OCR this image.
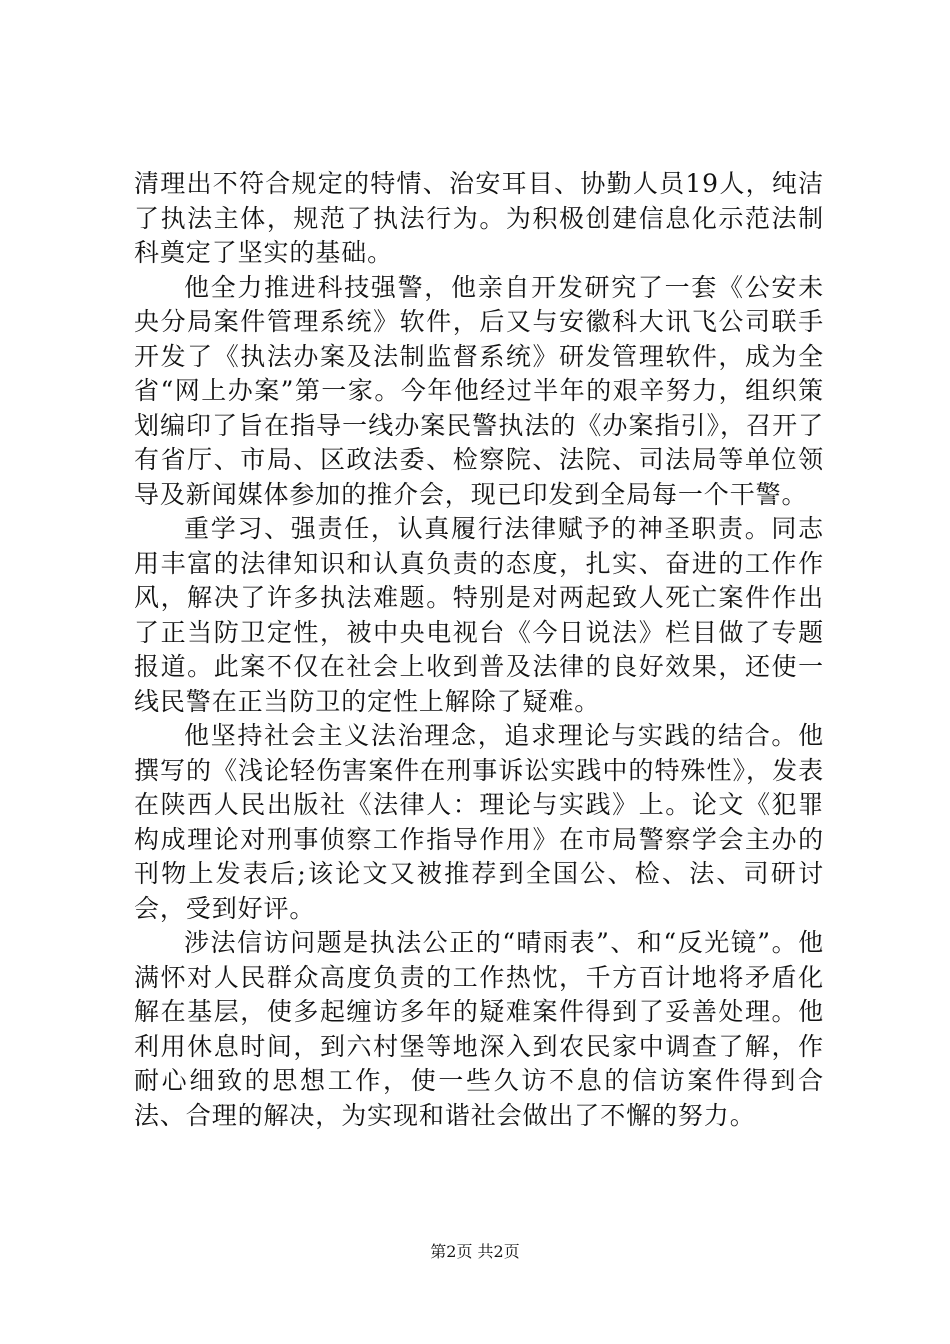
清理出不符合规定的特情、治安耳目、协勤人员19人，纯洁了执法主体，规范了执法行为。为积极创建信息化示范法制科奠定了坚实的基础。

他全力推进科技强警，他亲自开发研究了一套《公安未央分局案件管理系统》软件，后又与安徽科大讯飞公司联手开发了《执法办案及法制监督系统》研发管理软件，成为全省“网上办案”第一家。今年他经过半年的艰辛努力，组织策划编印了旨在指导一线办案民警执法的《办案指引》，召开了有省厅、市局、区政法委、检察院、法院、司法局等单位领导及新闻媒体参加的推介会，现已印发到全局每一个干警。

重学习、强责任，认真履行法律赋予的神圣职责。同志用丰富的法律知识和认真负责的态度，扎实、奋进的工作作风，解决了许多执法难题。特别是对两起致人死亡案件作出了正当防卫定性，被中央电视台《今日说法》栏目做了专题报道。此案不仅在社会上收到普及法律的良好效果，还使一线民警在正当防卫的定性上解除了疑难。

他坚持社会主义法治理念，追求理论与实践的结合。他撰写的《浅论轻伤害案件在刑事诉讼实践中的特殊性》，发表在陕西人民出版社《法律人：理论与实践》上。论文《犯罪构成理论对刑事侦察工作指导作用》在市局警察学会主办的刊物上发表后;该论文又被推荐到全国公、检、法、司研讨会，受到好评。

涉法信访问题是执法公正的“晴雨表”、和“反光镜”。他满怀对人民群众高度负责的工作热忱，千方百计地将矛盾化解在基层，使多起缠访多年的疑难案件得到了妥善处理。他利用休息时间，到六村堡等地深入到农民家中调查了解，作耐心细致的思想工作，使一些久访不息的信访案件得到合法、合理的解决，为实现和谐社会做出了不懈的努力。

第2页 共2页
